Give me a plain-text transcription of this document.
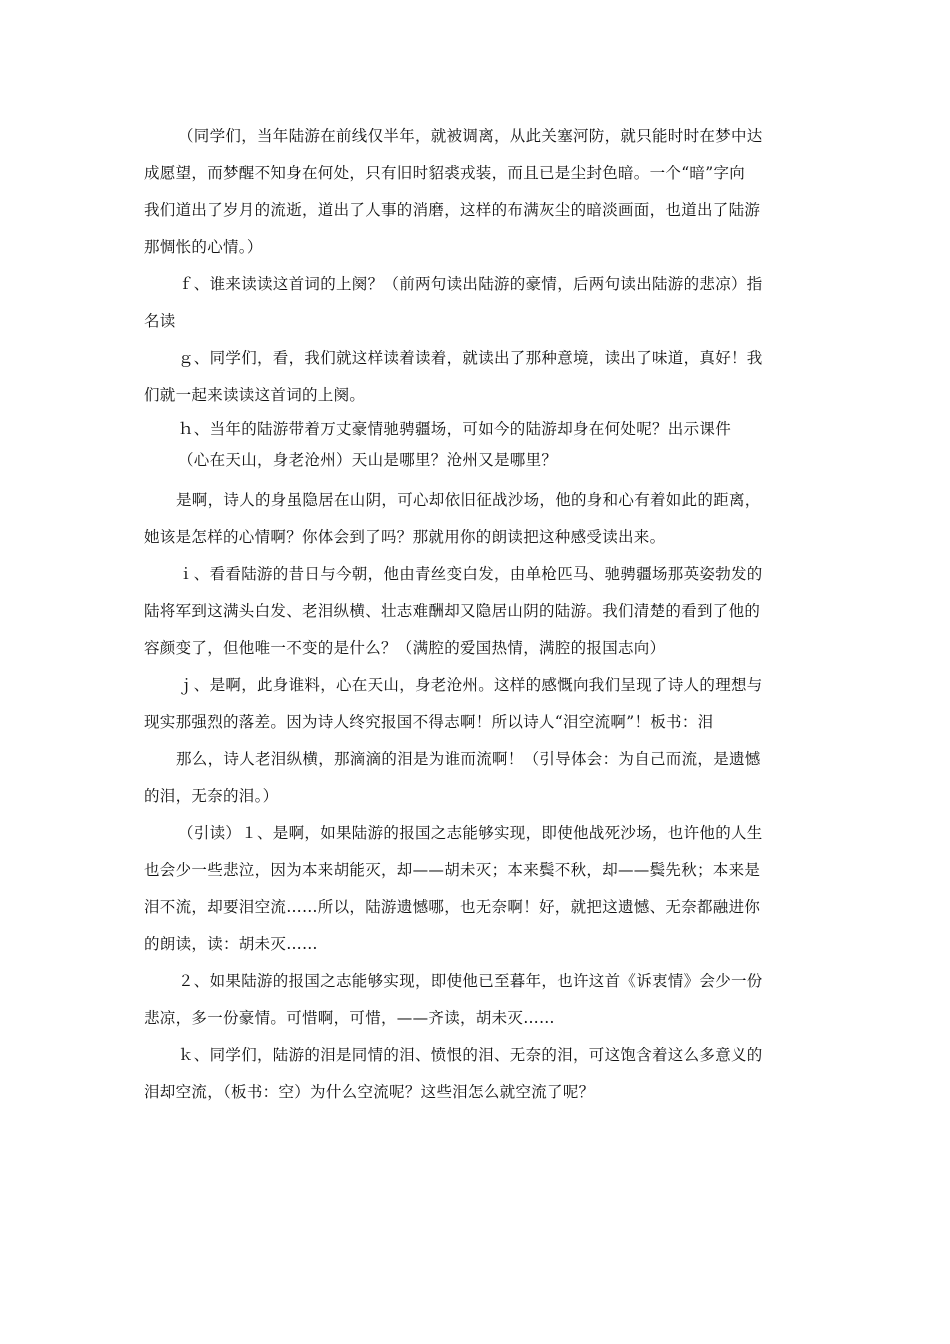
（同学们，当年陆游在前线仅半年，就被调离，从此关塞河防，就只能时时在梦中达
成愿望，而梦醒不知身在何处，只有旧时貂裘戎装，而且已是尘封色暗。一个“暗”字向
我们道出了岁月的流逝，道出了人事的消磨，这样的布满灰尘的暗淡画面，也道出了陆游
那惆怅的心情。）

ｆ、谁来读读这首词的上阕？（前两句读出陆游的豪情，后两句读出陆游的悲凉）指
名读

ｇ、同学们，看，我们就这样读着读着，就读出了那种意境，读出了味道，真好！我
们就一起来读读这首词的上阕。

ｈ、当年的陆游带着万丈豪情驰骋疆场，可如今的陆游却身在何处呢？出示课件
（心在天山，身老沧州）天山是哪里？沧州又是哪里？

是啊，诗人的身虽隐居在山阴，可心却依旧征战沙场，他的身和心有着如此的距离，
她该是怎样的心情啊？你体会到了吗？那就用你的朗读把这种感受读出来。

ｉ、看看陆游的昔日与今朝，他由青丝变白发，由单枪匹马、驰骋疆场那英姿勃发的
陆将军到这满头白发、老泪纵横、壮志难酬却又隐居山阴的陆游。我们清楚的看到了他的
容颜变了，但他唯一不变的是什么？（满腔的爱国热情，满腔的报国志向）

ｊ、是啊，此身谁料，心在天山，身老沧州。这样的感慨向我们呈现了诗人的理想与
现实那强烈的落差。因为诗人终究报国不得志啊！所以诗人“泪空流啊”！板书：泪

那么，诗人老泪纵横，那滴滴的泪是为谁而流啊！（引导体会：为自己而流，是遗憾
的泪，无奈的泪。）

（引读）１、是啊，如果陆游的报国之志能够实现，即使他战死沙场，也许他的人生
也会少一些悲泣，因为本来胡能灭，却——胡未灭；本来鬓不秋，却——鬓先秋；本来是
泪不流，却要泪空流……所以，陆游遗憾哪，也无奈啊！好，就把这遗憾、无奈都融进你
的朗读，读：胡未灭……

２、如果陆游的报国之志能够实现，即使他已至暮年，也许这首《诉衷情》会少一份
悲凉，多一份豪情。可惜啊，可惜，——齐读，胡未灭……

ｋ、同学们，陆游的泪是同情的泪、愤恨的泪、无奈的泪，可这饱含着这么多意义的
泪却空流，（板书：空）为什么空流呢？这些泪怎么就空流了呢？
